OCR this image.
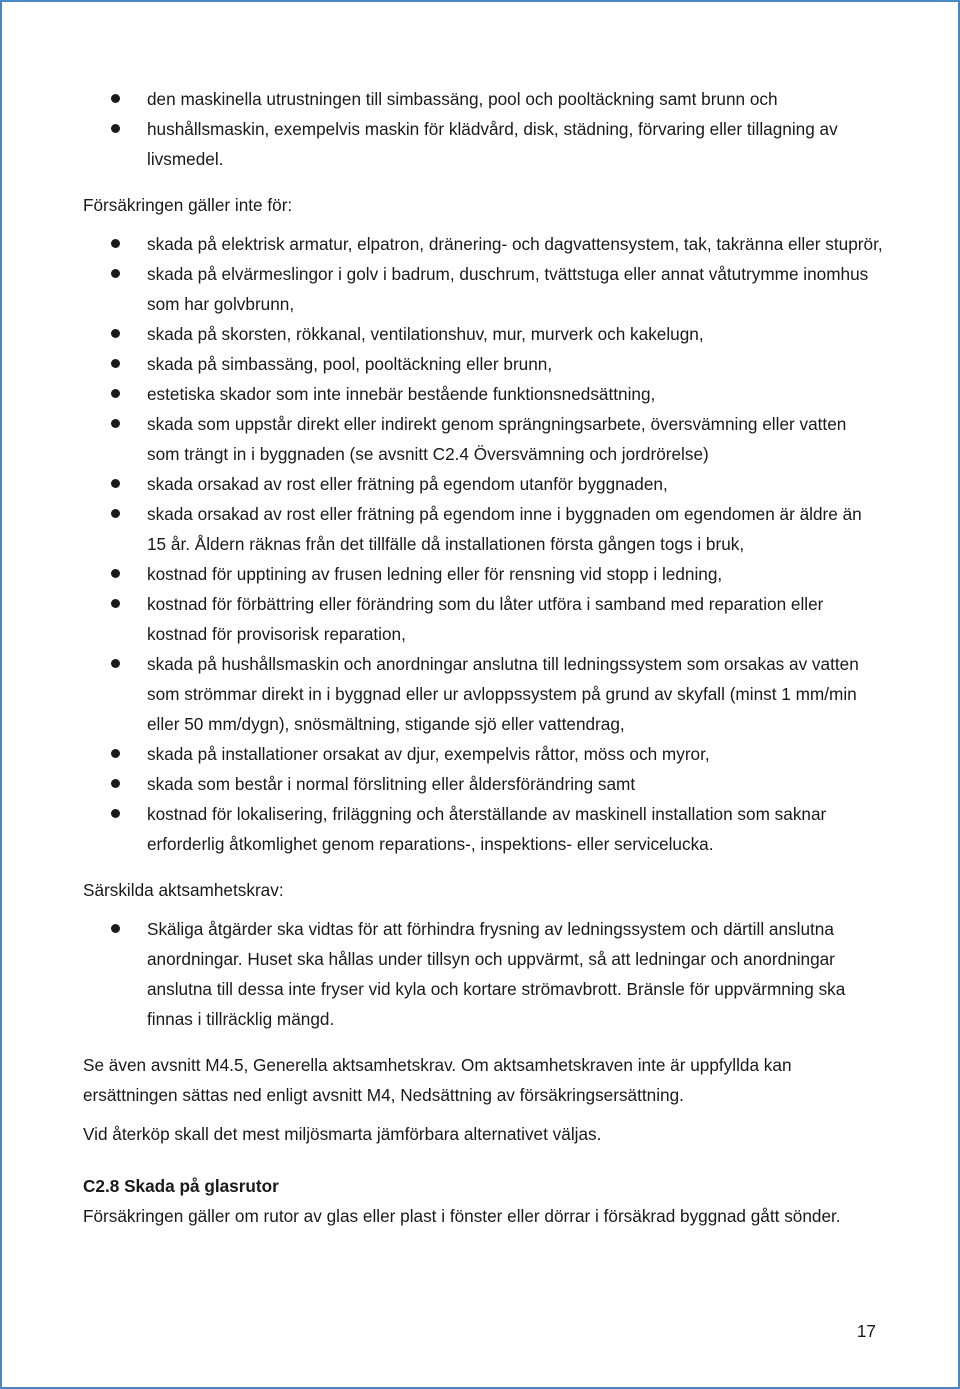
den maskinella utrustningen till simbassäng, pool och pooltäckning samt brunn och
hushållsmaskin, exempelvis maskin för klädvård, disk, städning, förvaring eller tillagning av livsmedel.

Försäkringen gäller inte för:

skada på elektrisk armatur, elpatron, dränering- och dagvattensystem, tak, takränna eller stuprör,
skada på elvärmeslingor i golv i badrum, duschrum, tvättstuga eller annat våtutrymme inomhus som har golvbrunn,
skada på skorsten, rökkanal, ventilationshuv, mur, murverk och kakelugn,
skada på simbassäng, pool, pooltäckning eller brunn,
estetiska skador som inte innebär bestående funktionsnedsättning,
skada som uppstår direkt eller indirekt genom sprängningsarbete, översvämning eller vatten som trängt in i byggnaden (se avsnitt C2.4 Översvämning och jordrörelse)
skada orsakad av rost eller frätning på egendom utanför byggnaden,
skada orsakad av rost eller frätning på egendom inne i byggnaden om egendomen är äldre än 15 år. Åldern räknas från det tillfälle då installationen första gången togs i bruk,
kostnad för upptining av frusen ledning eller för rensning vid stopp i ledning,
kostnad för förbättring eller förändring som du låter utföra i samband med reparation eller kostnad för provisorisk reparation,
skada på hushållsmaskin och anordningar anslutna till ledningssystem som orsakas av vatten som strömmar direkt in i byggnad eller ur avloppssystem på grund av skyfall (minst 1 mm/min eller 50 mm/dygn), snösmältning, stigande sjö eller vattendrag,
skada på installationer orsakat av djur, exempelvis råttor, möss och myror,
skada som består i normal förslitning eller åldersförändring samt
kostnad för lokalisering, friläggning och återställande av maskinell installation som saknar erforderlig åtkomlighet genom reparations-, inspektions- eller servicelucka.

Särskilda aktsamhetskrav:

Skäliga åtgärder ska vidtas för att förhindra frysning av ledningssystem och därtill anslutna anordningar. Huset ska hållas under tillsyn och uppvärmt, så att ledningar och anordningar anslutna till dessa inte fryser vid kyla och kortare strömavbrott. Bränsle för uppvärmning ska finnas i tillräcklig mängd.

Se även avsnitt M4.5, Generella aktsamhetskrav. Om aktsamhetskraven inte är uppfyllda kan ersättningen sättas ned enligt avsnitt M4, Nedsättning av försäkringsersättning.

Vid återköp skall det mest miljösmarta jämförbara alternativet väljas.

C2.8 Skada på glasrutor

Försäkringen gäller om rutor av glas eller plast i fönster eller dörrar i försäkrad byggnad gått sönder.

17
